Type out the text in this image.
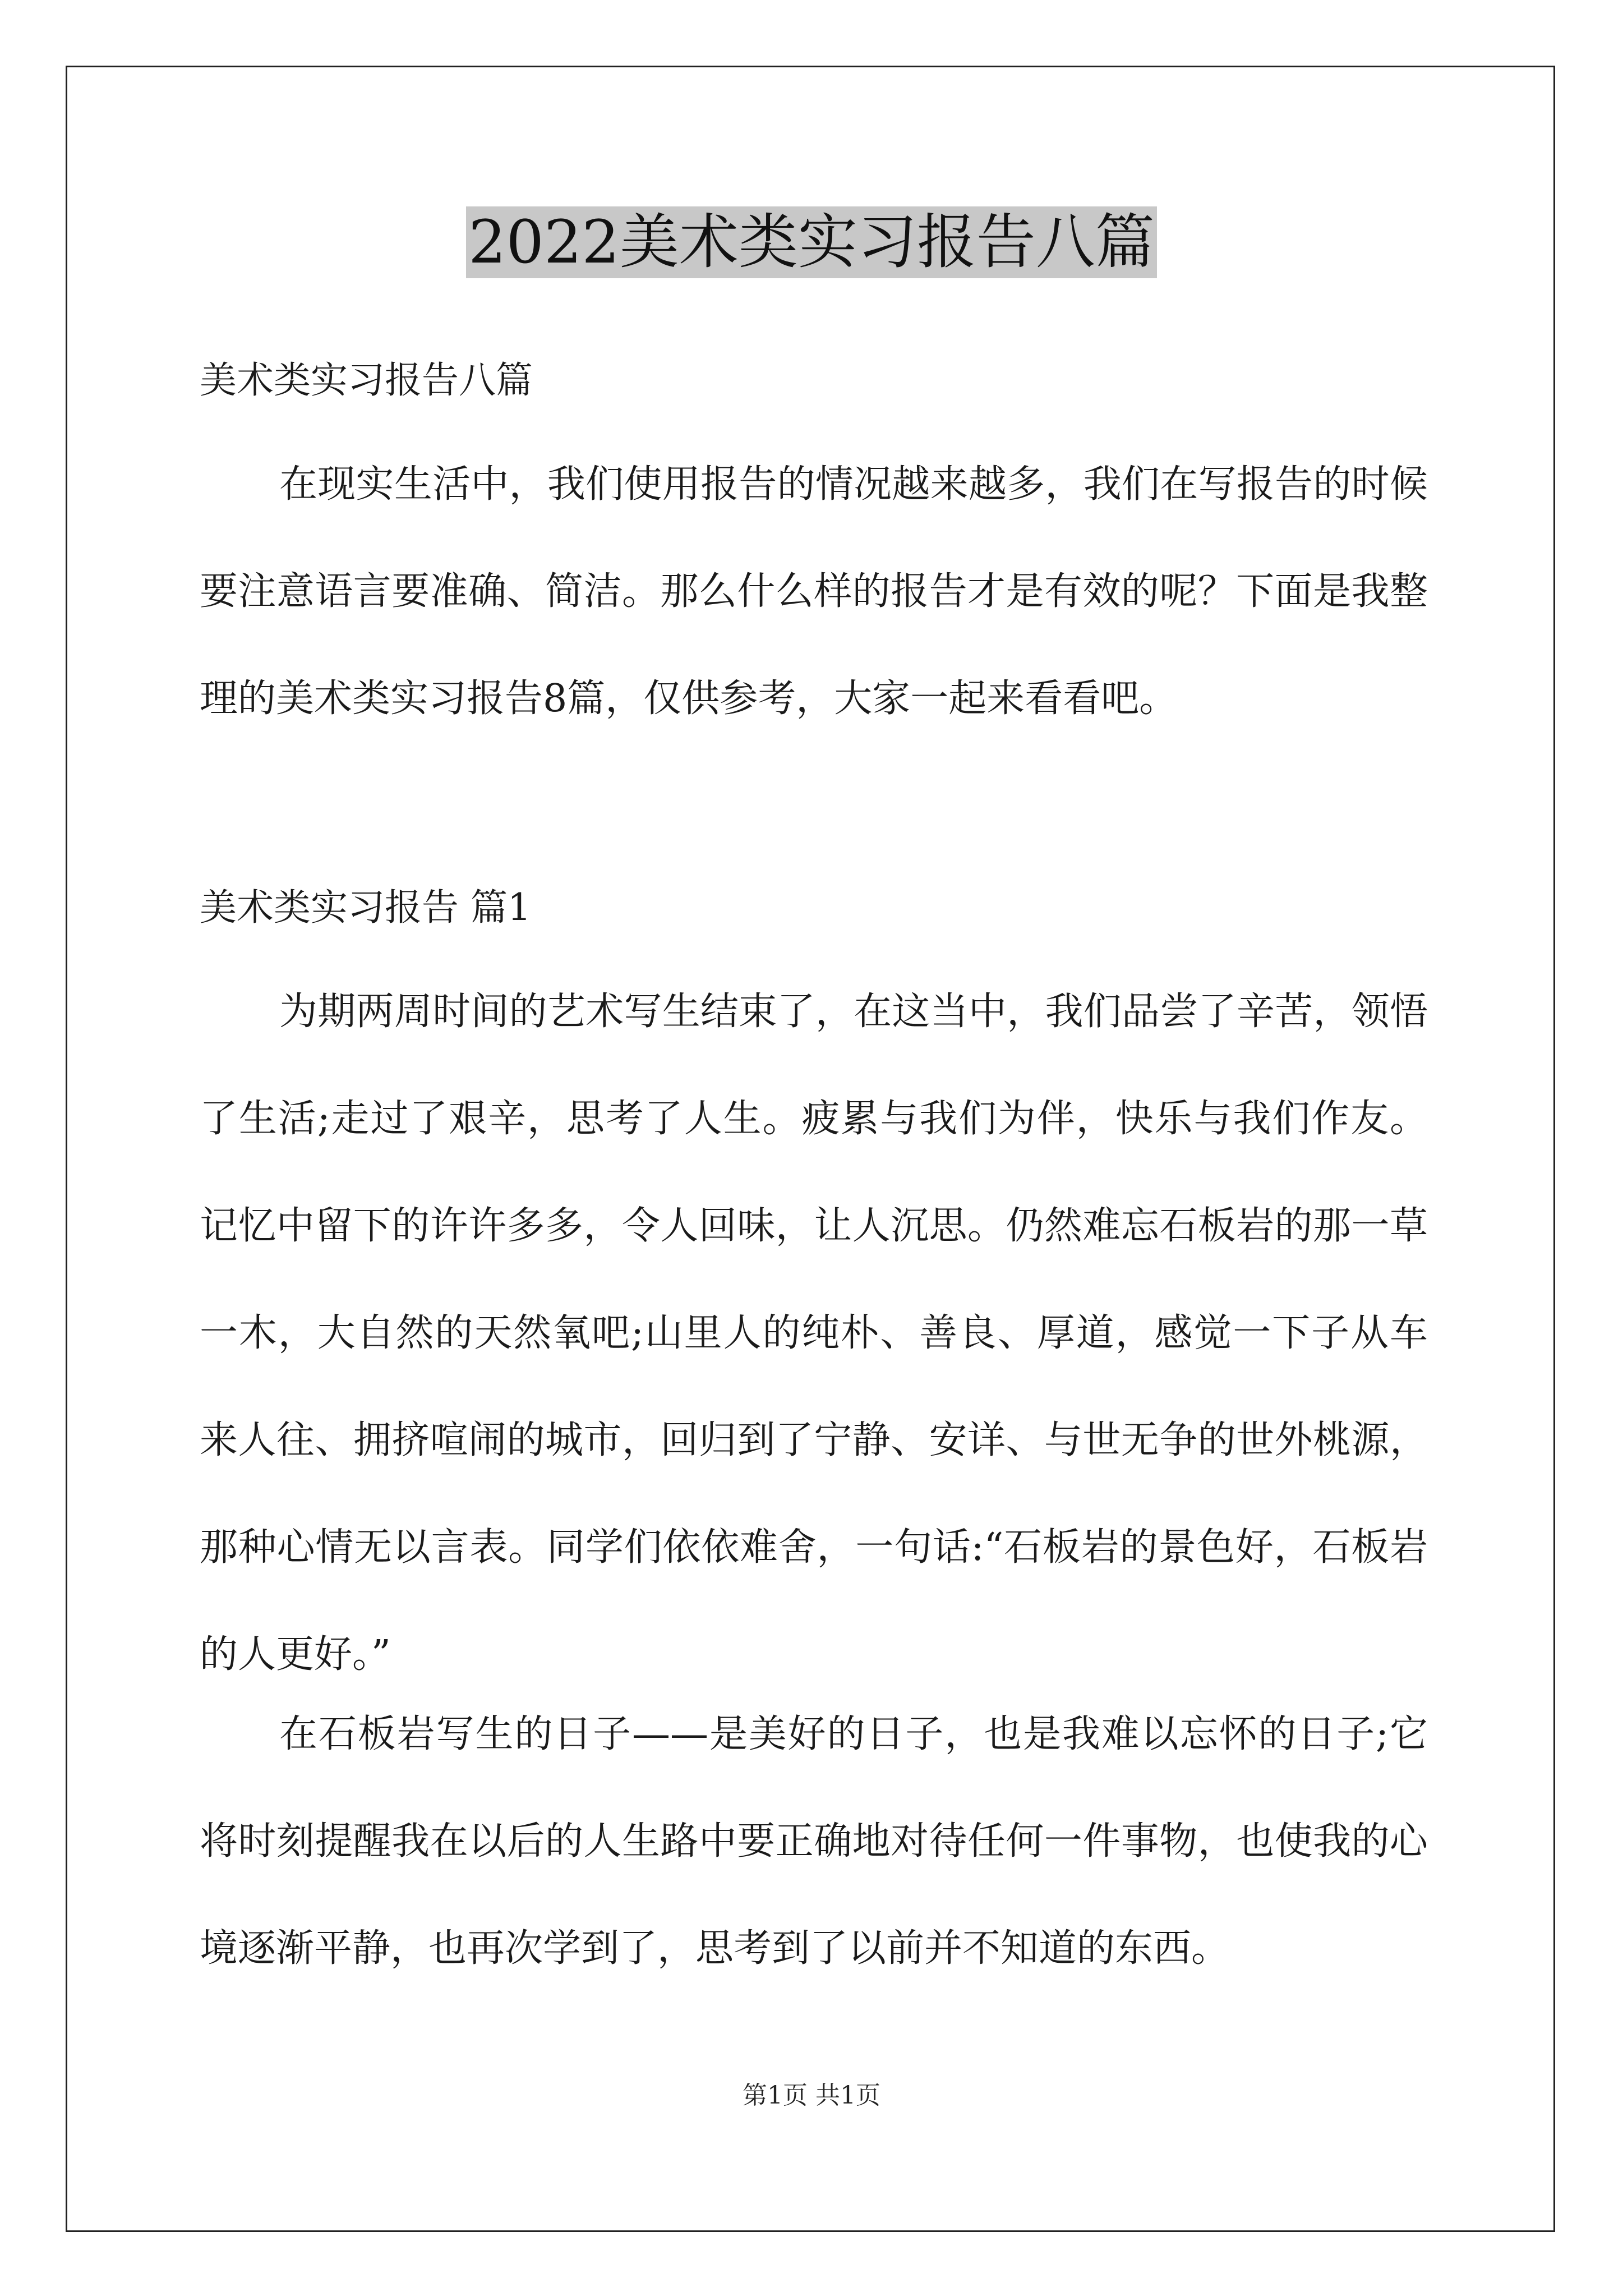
2022美术类实习报告八篇
美术类实习报告八篇

在现实生活中，我们使用报告的情况越来越多，我们在写报告的时候要注意语言要准确、简洁。那么什么样的报告才是有效的呢？下面是我整理的美术类实习报告8篇，仅供参考，大家一起来看看吧。

美术类实习报告 篇1

为期两周时间的艺术写生结束了，在这当中，我们品尝了辛苦，领悟了生活;走过了艰辛，思考了人生。疲累与我们为伴，快乐与我们作友。记忆中留下的许许多多，令人回味，让人沉思。仍然难忘石板岩的那一草一木，大自然的天然氧吧;山里人的纯朴、善良、厚道，感觉一下子从车来人往、拥挤喧闹的城市，回归到了宁静、安详、与世无争的世外桃源，那种心情无以言表。同学们依依难舍，一句话:“石板岩的景色好，石板岩的人更好。”

在石板岩写生的日子——是美好的日子，也是我难以忘怀的日子;它将时刻提醒我在以后的人生路中要正确地对待任何一件事物，也使我的心境逐渐平静，也再次学到了，思考到了以前并不知道的东西。

第1页 共1页
